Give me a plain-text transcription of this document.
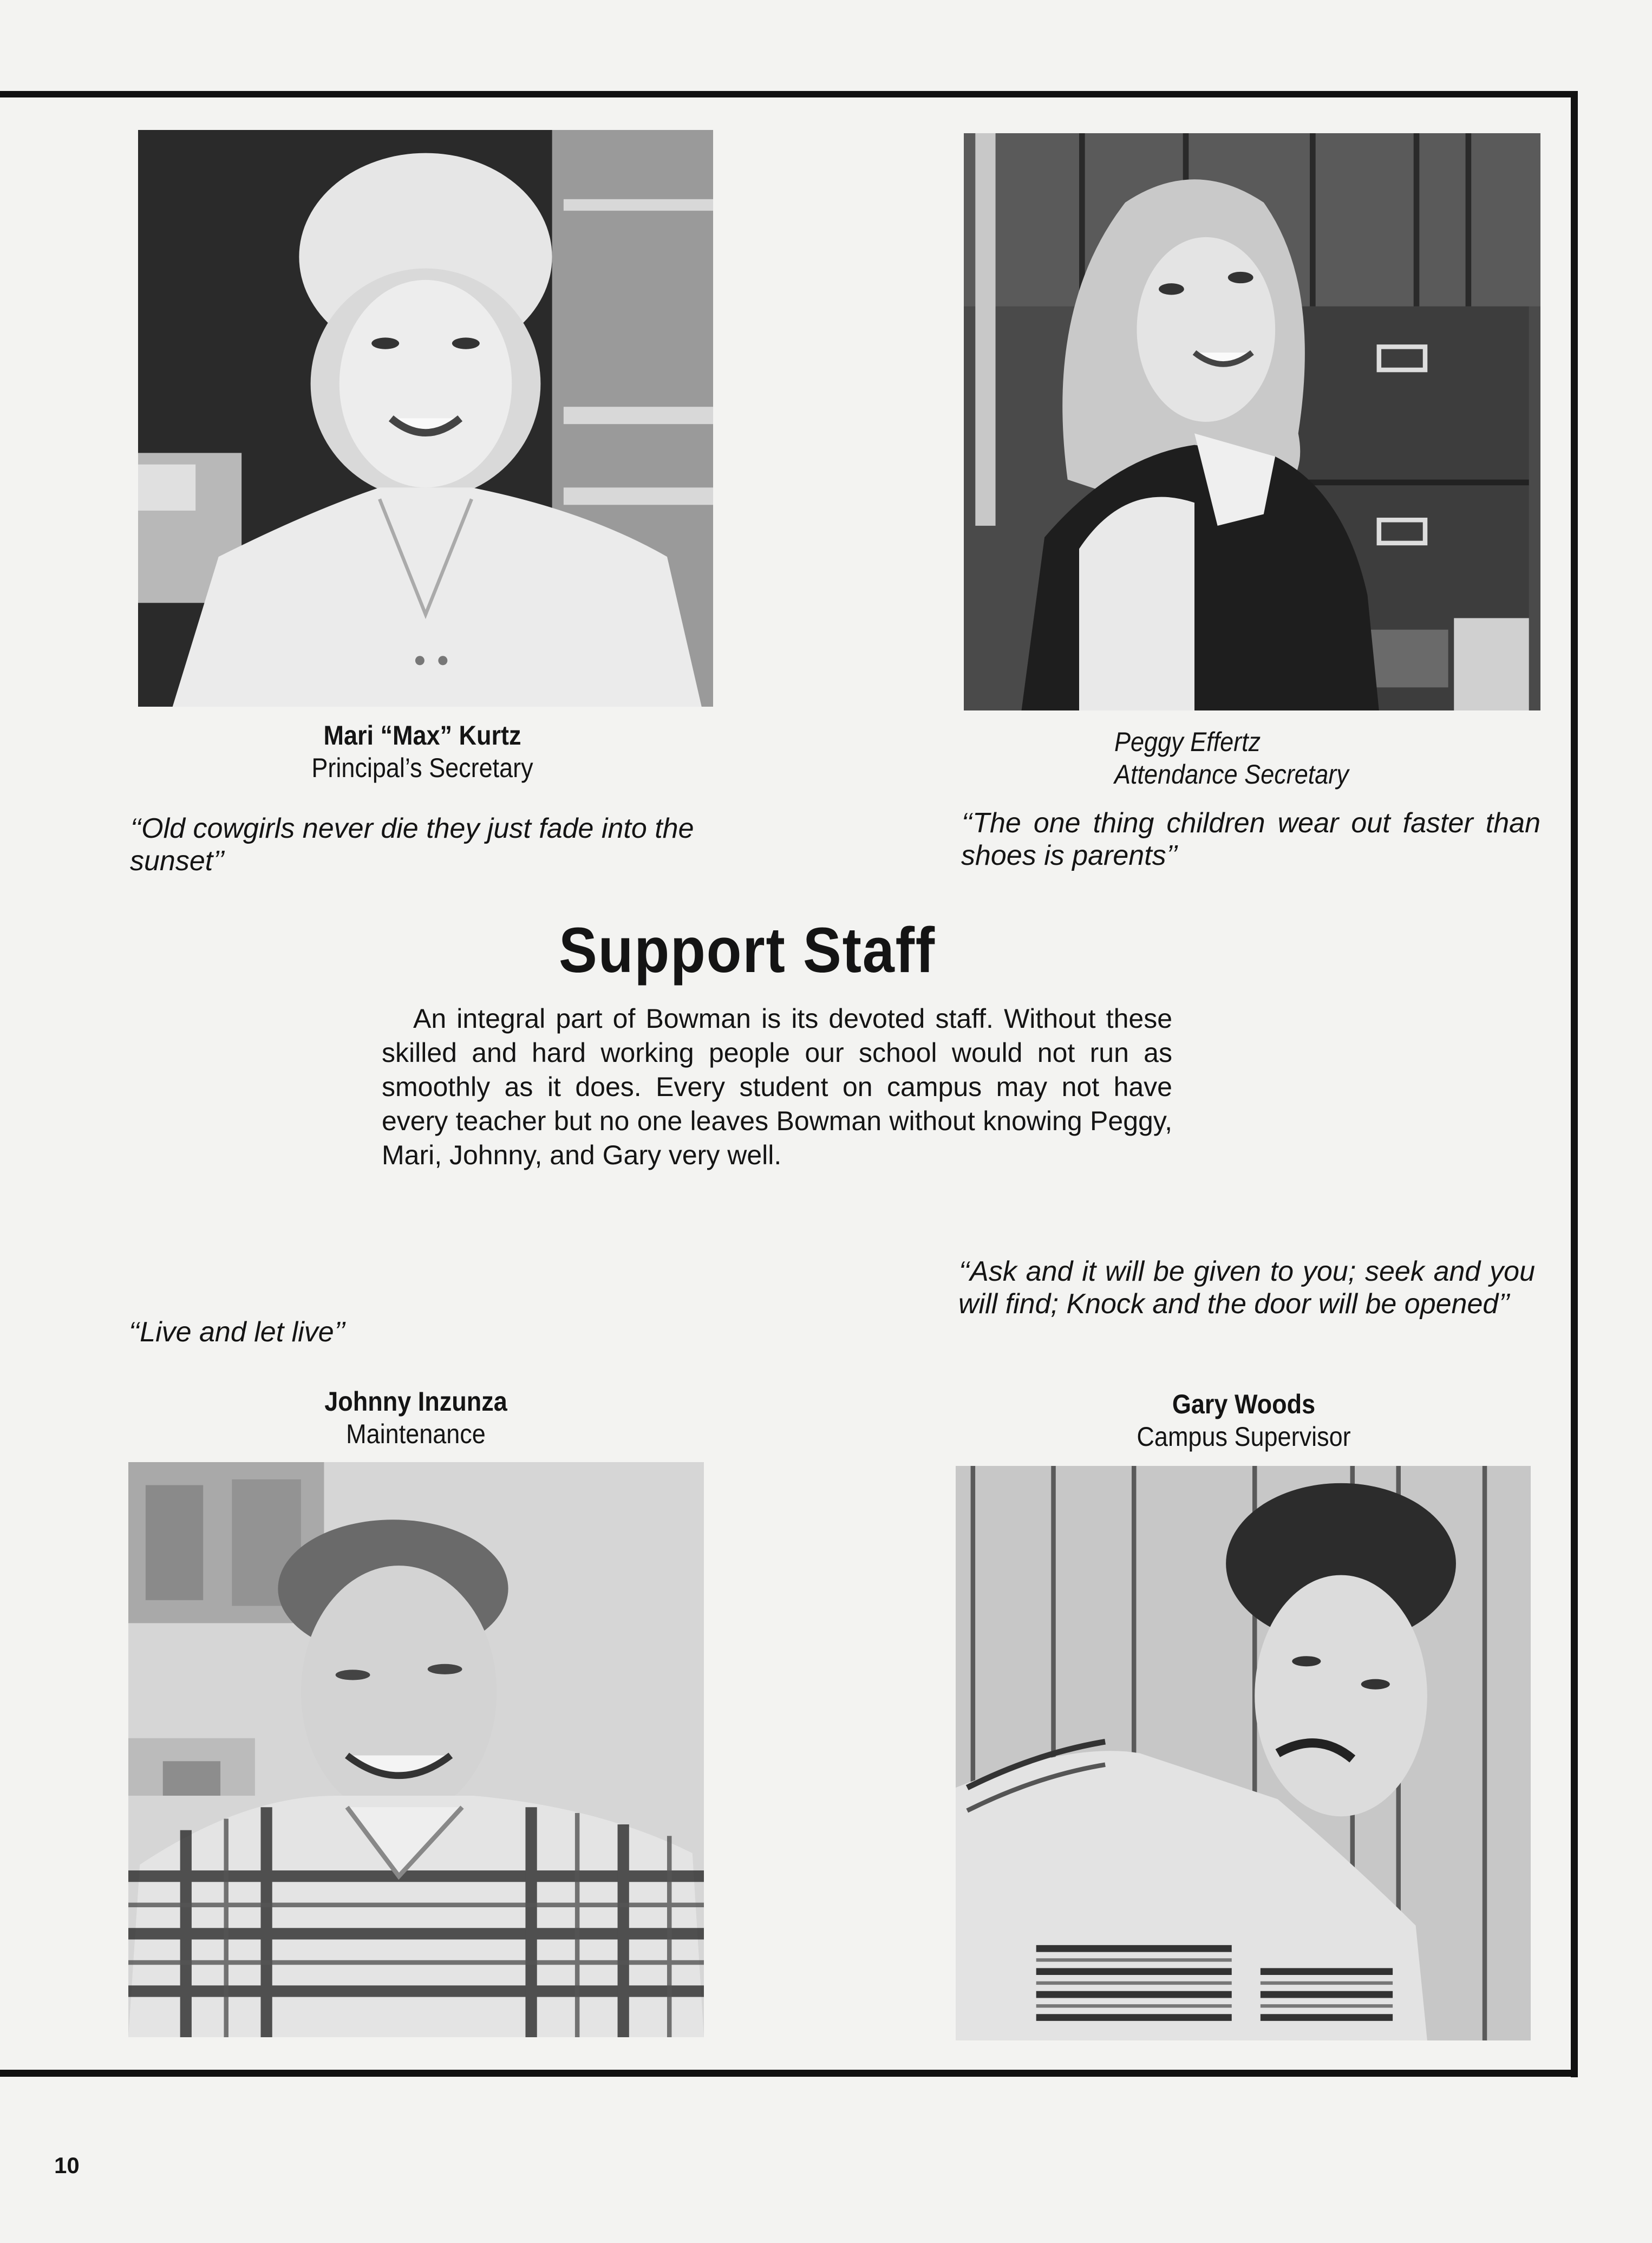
Mari “Max” Kurtz
Principal’s Secretary
‘‘Old cowgirls never die they just fade into the sunset’’
Peggy Effertz
Attendance Secretary
‘‘The one thing children wear out faster than shoes is parents’’
Support Staff
An integral part of Bowman is its devoted staff. Without these skilled and hard working people our school would not run as smoothly as it does. Every student on campus may not have every teacher but no one leaves Bowman without knowing Peggy, Mari, Johnny, and Gary very well.
‘‘Live and let live’’
‘‘Ask and it will be given to you; seek and you will find; Knock and the door will be opened’’
Johnny Inzunza
Maintenance
Gary Woods
Campus Supervisor
10
